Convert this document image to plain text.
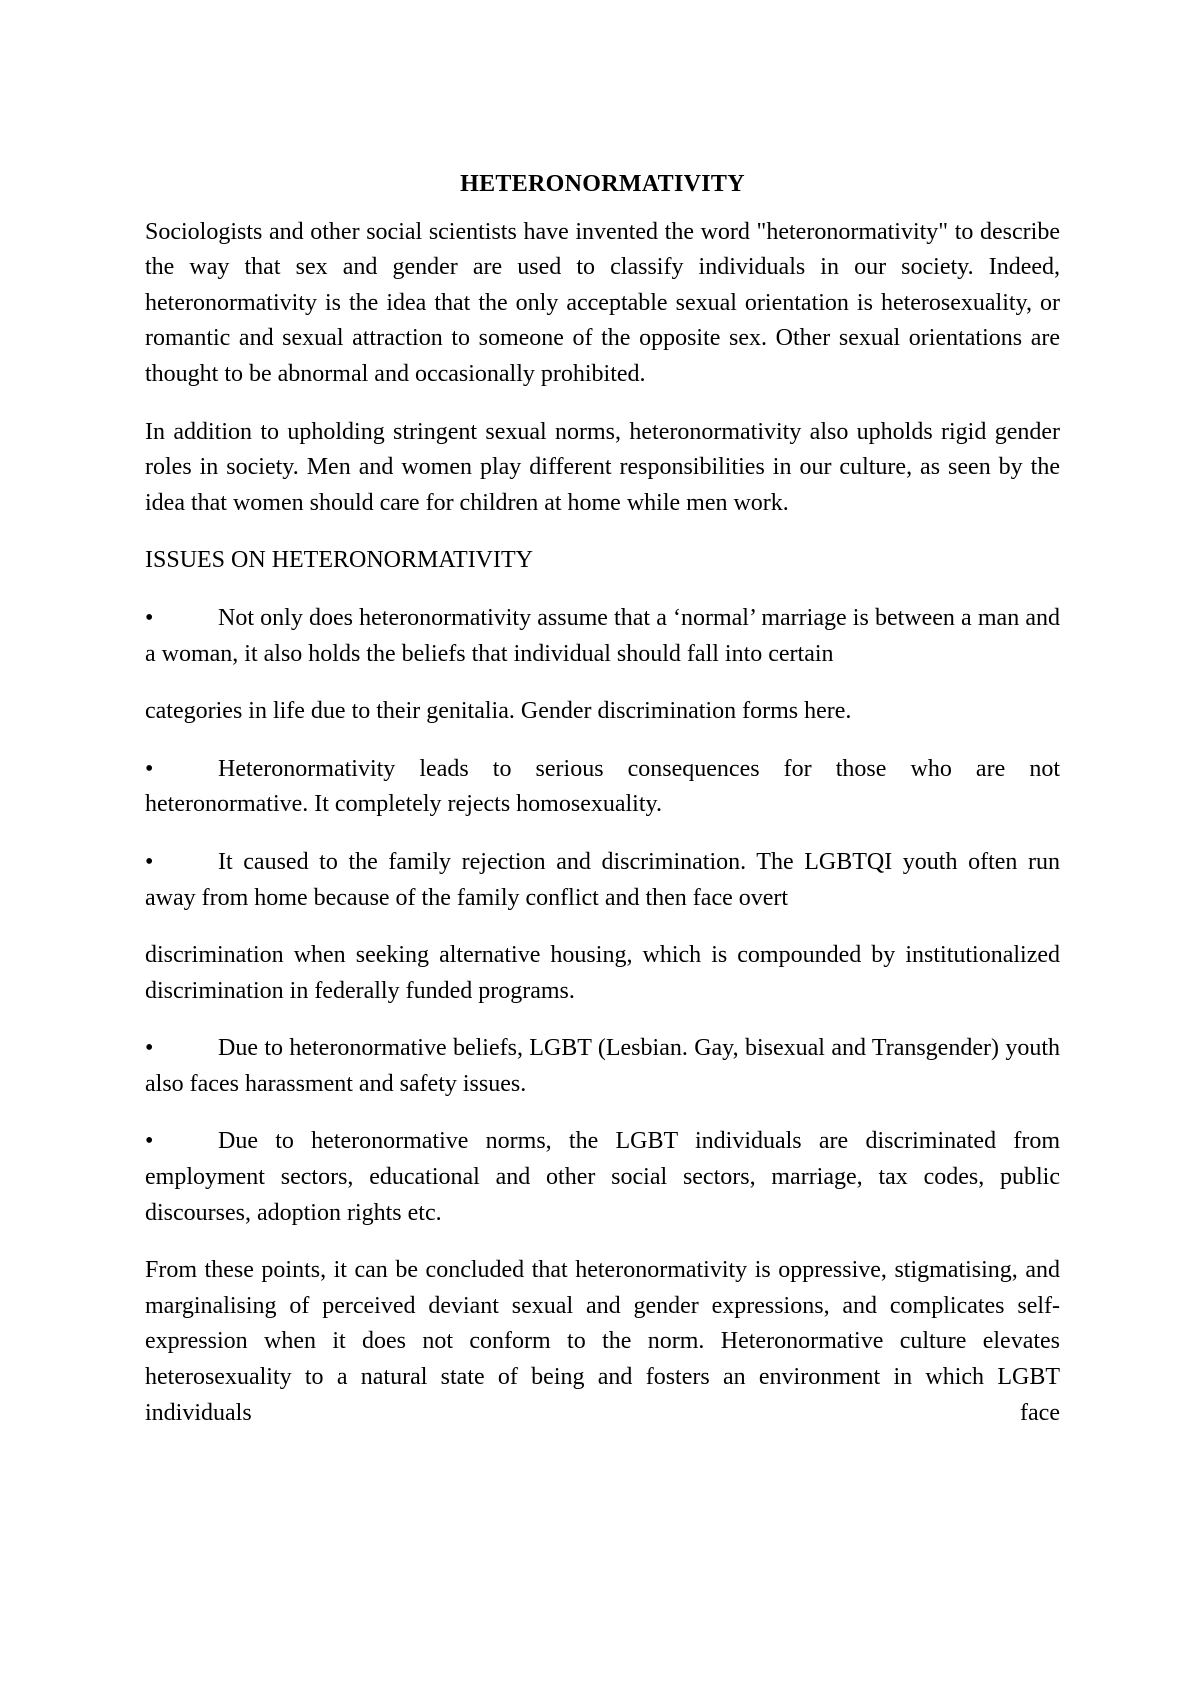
HETERONORMATIVITY

Sociologists and other social scientists have invented the word "heteronormativity" to describe the way that sex and gender are used to classify individuals in our society. Indeed, heteronormativity is the idea that the only acceptable sexual orientation is heterosexuality, or romantic and sexual attraction to someone of the opposite sex. Other sexual orientations are thought to be abnormal and occasionally prohibited.

In addition to upholding stringent sexual norms, heteronormativity also upholds rigid gender roles in society. Men and women play different responsibilities in our culture, as seen by the idea that women should care for children at home while men work.

ISSUES ON HETERONORMATIVITY

•	Not only does heteronormativity assume that a ‘normal’ marriage is between a man and a woman, it also holds the beliefs that individual should fall into certain

categories in life due to their genitalia. Gender discrimination forms here.

•	Heteronormativity leads to serious consequences for those who are not heteronormative. It completely rejects homosexuality.

•	It caused to the family rejection and discrimination. The LGBTQI youth often run away from home because of the family conflict and then face overt

discrimination when seeking alternative housing, which is compounded by institutionalized discrimination in federally funded programs.

•	Due to heteronormative beliefs, LGBT (Lesbian. Gay, bisexual and Transgender) youth also faces harassment and safety issues.

•	Due to heteronormative norms, the LGBT individuals are discriminated from employment sectors, educational and other social sectors, marriage, tax codes, public discourses, adoption rights etc.

From these points, it can be concluded that heteronormativity is oppressive, stigmatising, and marginalising of perceived deviant sexual and gender expressions, and complicates self-expression when it does not conform to the norm. Heteronormative culture elevates heterosexuality to a natural state of being and fosters an environment in which LGBT individuals face
